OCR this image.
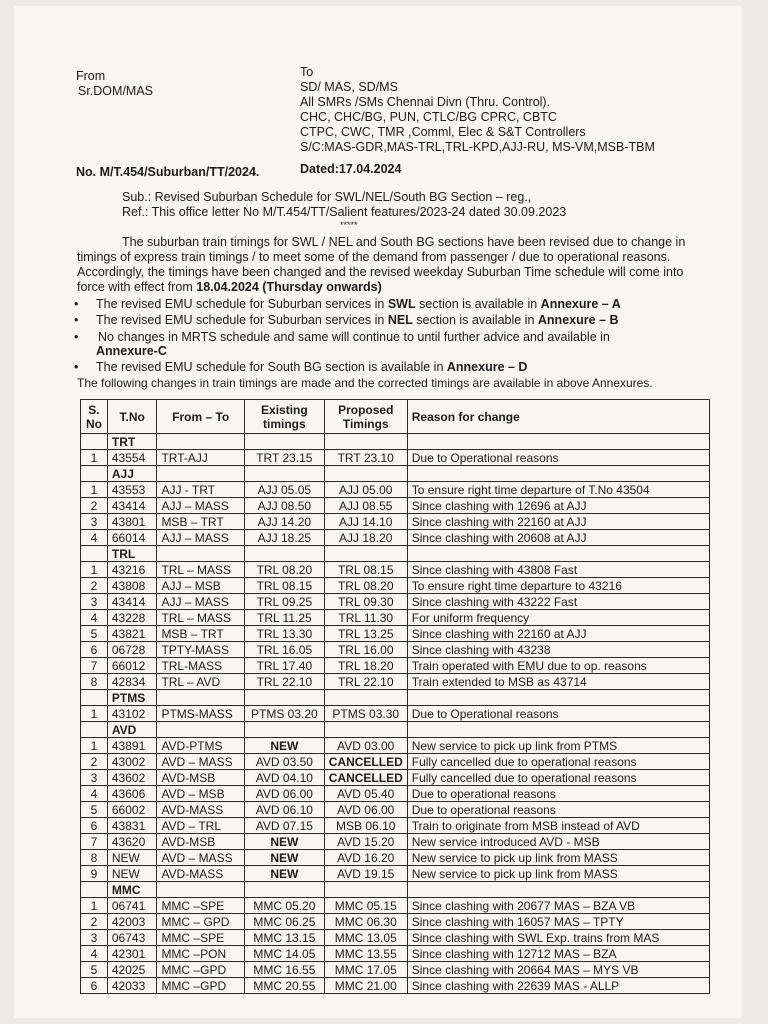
From
Sr.DOM/MAS
To
SD/ MAS, SD/MS
All SMRs /SMs Chennai Divn (Thru. Control).
CHC, CHC/BG, PUN, CTLC/BG CPRC, CBTC
CTPC, CWC, TMR ,Comml, Elec & S&T Controllers
S/C:MAS-GDR,MAS-TRL,TRL-KPD,AJJ-RU, MS-VM,MSB-TBM
No. M/T.454/Suburban/TT/2024.	Dated:17.04.2024
Sub.: Revised Suburban Schedule for SWL/NEL/South BG Section – reg.,
Ref.: This office letter No M/T.454/TT/Salient features/2023-24 dated 30.09.2023
*****
The suburban train timings for SWL / NEL and South BG sections have been revised due to change in
timings of express train timings / to meet some of the demand from passenger / due to operational reasons.
Accordingly, the timings have been changed and the revised weekday Suburban Time schedule will come into
force with effect from 18.04.2024 (Thursday onwards)
• The revised EMU schedule for Suburban services in SWL section is available in Annexure – A
• The revised EMU schedule for Suburban services in NEL section is available in Annexure – B
• No changes in MRTS schedule and same will continue to until further advice and available in
Annexure-C
• The revised EMU schedule for South BG section is available in Annexure – D
The following changes in train timings are made and the corrected timings are available in above Annexures.
S. No	T.No	From – To	Existing timings	Proposed Timings	Reason for change
	TRT				
1	43554	TRT-AJJ	TRT 23.15	TRT 23.10	Due to Operational reasons
	AJJ				
1	43553	AJJ - TRT	AJJ 05.05	AJJ 05.00	To ensure right time departure of T.No 43504
2	43414	AJJ – MASS	AJJ 08.50	AJJ 08.55	Since clashing with 12696 at AJJ
3	43801	MSB – TRT	AJJ 14.20	AJJ 14.10	Since clashing with 22160 at AJJ
4	66014	AJJ – MASS	AJJ 18.25	AJJ 18.20	Since clashing with 20608 at AJJ
	TRL				
1	43216	TRL – MASS	TRL 08.20	TRL 08.15	Since clashing with 43808 Fast
2	43808	AJJ – MSB	TRL 08.15	TRL 08.20	To ensure right time departure to 43216
3	43414	AJJ – MASS	TRL 09.25	TRL 09.30	Since clashing with 43222 Fast
4	43228	TRL – MASS	TRL 11.25	TRL 11.30	For uniform frequency
5	43821	MSB – TRT	TRL 13.30	TRL 13.25	Since clashing with 22160 at AJJ
6	06728	TPTY-MASS	TRL 16.05	TRL 16.00	Since clashing with 43238
7	66012	TRL-MASS	TRL 17.40	TRL 18.20	Train operated with EMU due to op. reasons
8	42834	TRL – AVD	TRL 22.10	TRL 22.10	Train extended to MSB as 43714
	PTMS				
1	43102	PTMS-MASS	PTMS 03.20	PTMS 03.30	Due to Operational reasons
	AVD				
1	43891	AVD-PTMS	NEW	AVD 03.00	New service to pick up link from PTMS
2	43002	AVD – MASS	AVD 03.50	CANCELLED	Fully cancelled due to operational reasons
3	43602	AVD-MSB	AVD 04.10	CANCELLED	Fully cancelled due to operational reasons
4	43606	AVD – MSB	AVD 06.00	AVD 05.40	Due to operational reasons
5	66002	AVD-MASS	AVD 06.10	AVD 06.00	Due to operational reasons
6	43831	AVD – TRL	AVD 07.15	MSB 06.10	Train to originate from MSB instead of AVD
7	43620	AVD-MSB	NEW	AVD 15.20	New service introduced AVD - MSB
8	NEW	AVD – MASS	NEW	AVD 16.20	New service to pick up link from MASS
9	NEW	AVD-MASS	NEW	AVD 19.15	New service to pick up link from MASS
	MMC				
1	06741	MMC –SPE	MMC 05.20	MMC 05.15	Since clashing with 20677 MAS – BZA VB
2	42003	MMC – GPD	MMC 06.25	MMC 06.30	Since clashing with 16057 MAS – TPTY
3	06743	MMC –SPE	MMC 13.15	MMC 13.05	Since clashing with SWL Exp. trains from MAS
4	42301	MMC –PON	MMC 14.05	MMC 13.55	Since clashing with 12712 MAS – BZA
5	42025	MMC –GPD	MMC 16.55	MMC 17.05	Since clashing with 20664 MAS – MYS VB
6	42033	MMC –GPD	MMC 20.55	MMC 21.00	Since clashing with 22639 MAS - ALLP
